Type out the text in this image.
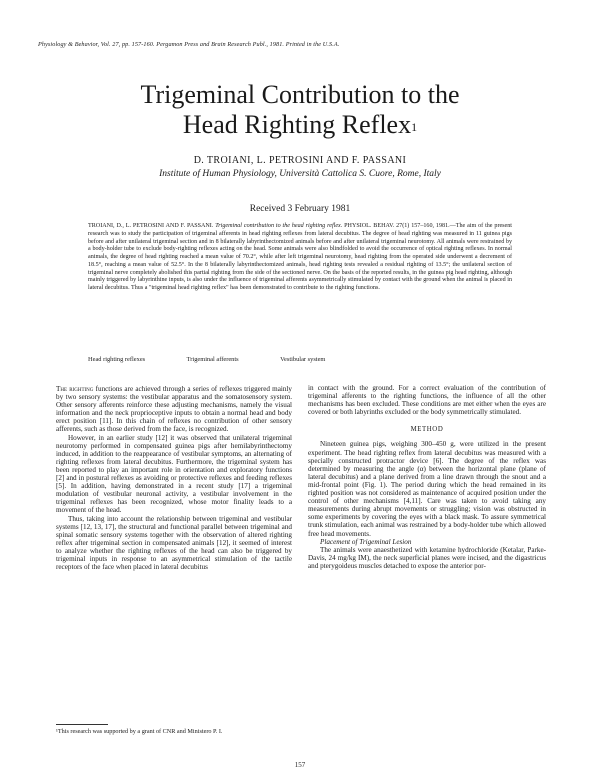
Physiology & Behavior, Vol. 27, pp. 157-160. Pergamon Press and Brain Research Publ., 1981. Printed in the U.S.A.
Trigeminal Contribution to the
Head Righting Reflex$^1$
D. TROIANI, L. PETROSINI AND F. PASSANI
Institute of Human Physiology, Università Cattolica S. Cuore, Rome, Italy
Received 3 February 1981
TROIANI, D., L. PETROSINI AND F. PASSANI. Trigeminal contribution to the head righting reflex. PHYSIOL. BEHAV. 27(1) 157–160, 1981.—The aim of the present research was to study the participation of trigeminal afferents in head righting reflexes from lateral decubitus. The degree of head righting was measured in 11 guinea pigs before and after unilateral trigeminal section and in 8 bilaterally labyrinthectomized animals before and after unilateral trigeminal neurotomy. All animals were restrained by a body-holder tube to exclude body-righting reflexes acting on the head. Some animals were also blindfolded to avoid the occurrence of optical righting reflexes. In normal animals, the degree of head righting reached a mean value of 70.2°, while after left trigeminal neurotomy, head righting from the operated side underwent a decrement of 18.5°, reaching a mean value of 52.5°. In the 8 bilaterally labyrinthectomized animals, head righting tests revealed a residual righting of 13.5°; the unilateral section of trigeminal nerve completely abolished this partial righting from the side of the sectioned nerve. On the basis of the reported results, in the guinea pig head righting, although mainly triggered by labyrinthine inputs, is also under the influence of trigeminal afferents asymmetrically stimulated by contact with the ground when the animal is placed in lateral decubitus. Thus a "trigeminal head righting reflex" has been demonstrated to contribute to the righting functions.
Head righting reflexes	Trigeminal afferents	Vestibular system

The righting functions are achieved through a series of reflexes triggered mainly by two sensory systems: the vestibular apparatus and the somatosensory system. Other sensory afferents reinforce these adjusting mechanisms, namely the visual information and the neck proprioceptive inputs to obtain a normal head and body erect position [11]. In this chain of reflexes no contribution of other sensory afferents, such as those derived from the face, is recognized.

However, in an earlier study [12] it was observed that unilateral trigeminal neurotomy performed in compensated guinea pigs after hemilabyrinthectomy induced, in addition to the reappearance of vestibular symptoms, an alternating of righting reflexes from lateral decubitus. Furthermore, the trigeminal system has been reported to play an important role in orientation and exploratory functions [2] and in postural reflexes as avoiding or protective reflexes and feeding reflexes [5]. In addition, having demonstrated in a recent study [17] a trigeminal modulation of vestibular neuronal activity, a vestibular involvement in the trigeminal reflexes has been recognized, whose motor finality leads to a movement of the head.

Thus, taking into account the relationship between trigeminal and vestibular systems [12, 13, 17], the structural and functional parallel between trigeminal and spinal somatic sensory systems together with the observation of altered righting reflex after trigeminal section in compensated animals [12], it seemed of interest to analyze whether the righting reflexes of the head can also be triggered by trigeminal inputs in response to an asymmetrical stimulation of the tactile receptors of the face when placed in lateral decubitus

in contact with the ground. For a correct evaluation of the contribution of trigeminal afferents to the righting functions, the influence of all the other mechanisms has been excluded. These conditions are met either when the eyes are covered or both labyrinths excluded or the body symmetrically stimulated.

METHOD

Nineteen guinea pigs, weighing 300–450 g, were utilized in the present experiment. The head righting reflex from lateral decubitus was measured with a specially constructed protractor device [6]. The degree of the reflex was determined by measuring the angle (α) between the horizontal plane (plane of lateral decubitus) and a plane derived from a line drawn through the snout and a mid-frontal point (Fig. 1). The period during which the head remained in its righted position was not considered as maintenance of acquired position under the control of other mechanisms [4,11]. Care was taken to avoid taking any measurements during abrupt movements or struggling; vision was obstructed in some experiments by covering the eyes with a black mask. To assure symmetrical trunk stimulation, each animal was restrained by a body-holder tube which allowed free head movements.

Placement of Trigeminal Lesion

The animals were anaesthetized with ketamine hydrochloride (Ketalar, Parke-Davis, 24 mg/kg IM), the neck superficial planes were incised, and the digastricus and pterygoideus muscles detached to expose the anterior por-

¹This research was supported by a grant of CNR and Ministero P. I.
157
